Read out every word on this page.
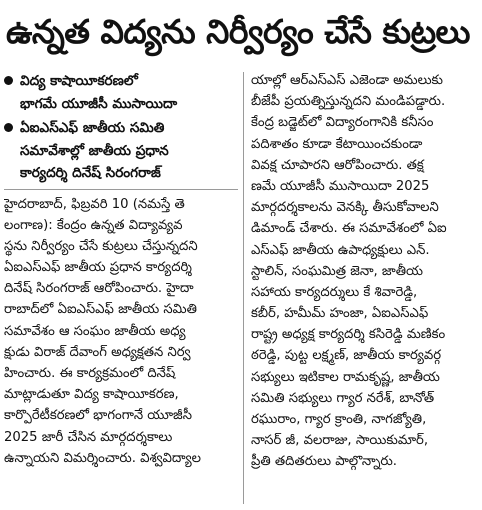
ఉన్నత విద్యను నిర్వీర్యం చేసే కుట్రలు
విద్య కాషాయీకరణలో
భాగమే యూజీసీ ముసాయిదా
ఏఐఎస్‌ఎఫ్ జాతీయ సమితి
సమావేశాల్లో జాతీయ ప్రధాన
కార్యదర్శి దినేష్ సిరంగరాజ్
హైదరాబాద్, ఫిబ్రవరి 10 (నమస్తే తె
లంగాణ): కేంద్రం ఉన్నత విద్యావ్యవ
స్థను నిర్వీర్యం చేసే కుట్రలు చేస్తున్నదని
ఏఐఎస్‌ఎఫ్ జాతీయ ప్రధాన కార్యదర్శి
దినేష్ సిరంగరాజ్ ఆరోపించారు. హైదా
రాబాద్‌లో ఏఐఎస్‌ఎఫ్ జాతీయ సమితి
సమావేశం ఆ సంఘం జాతీయ అధ్య
క్షుడు విరాజ్ దేవాంగ్ అధ్యక్షతన నిర్వ
హించారు. ఈ కార్యక్రమంలో దినేష్
మాట్లాడుతూ విద్య కాషాయీకరణ,
కార్పొరేటీకరణలో భాగంగానే యూజీసీ
2025 జారీ చేసిన మార్గదర్శకాలు
ఉన్నాయని విమర్శించారు. విశ్వవిద్యాల
యాల్లో ఆర్‌ఎస్‌ఎస్ ఎజెండా అమలుకు
బీజేపీ ప్రయత్నిస్తున్నదని మండిపడ్డారు.
కేంద్ర బడ్జెట్‌లో విద్యారంగానికి కనీసం
పదిశాతం కూడా కేటాయించకుండా
వివక్ష చూపారని ఆరోపించారు. తక్ష
ణమే యూజీసీ ముసాయిదా 2025
మార్గదర్శకాలను వెనక్కి తీసుకోవాలని
డిమాండ్ చేశారు. ఈ సమావేశంలో ఏఐ
ఎస్‌ఎఫ్ జాతీయ ఉపాధ్యక్షులు ఎన్.
స్టాలిన్, సంఘమిత్ర జెనా, జాతీయ
సహాయ కార్యదర్శులు కే శివారెడ్డి,
కబీర్, హమీమ్ హంజా, ఏఐఎస్‌ఎఫ్
రాష్ట్ర అధ్యక్ష కార్యదర్శి కసిరెడ్డి మణికం
ఠరెడ్డి, పుట్ట లక్ష్మణ్, జాతీయ కార్యవర్గ
సభ్యులు ఇటికాల రామకృష్ణ, జాతీయ
సమితి సభ్యులు గ్యార నరేశ్, బానోత్
రఘురాం, గ్యార క్రాంతి, నాగజ్యోతి,
నాసర్ జీ, వలరాజు, సాయికుమార్,
ప్రీతి తదితరులు పాల్గొన్నారు.
